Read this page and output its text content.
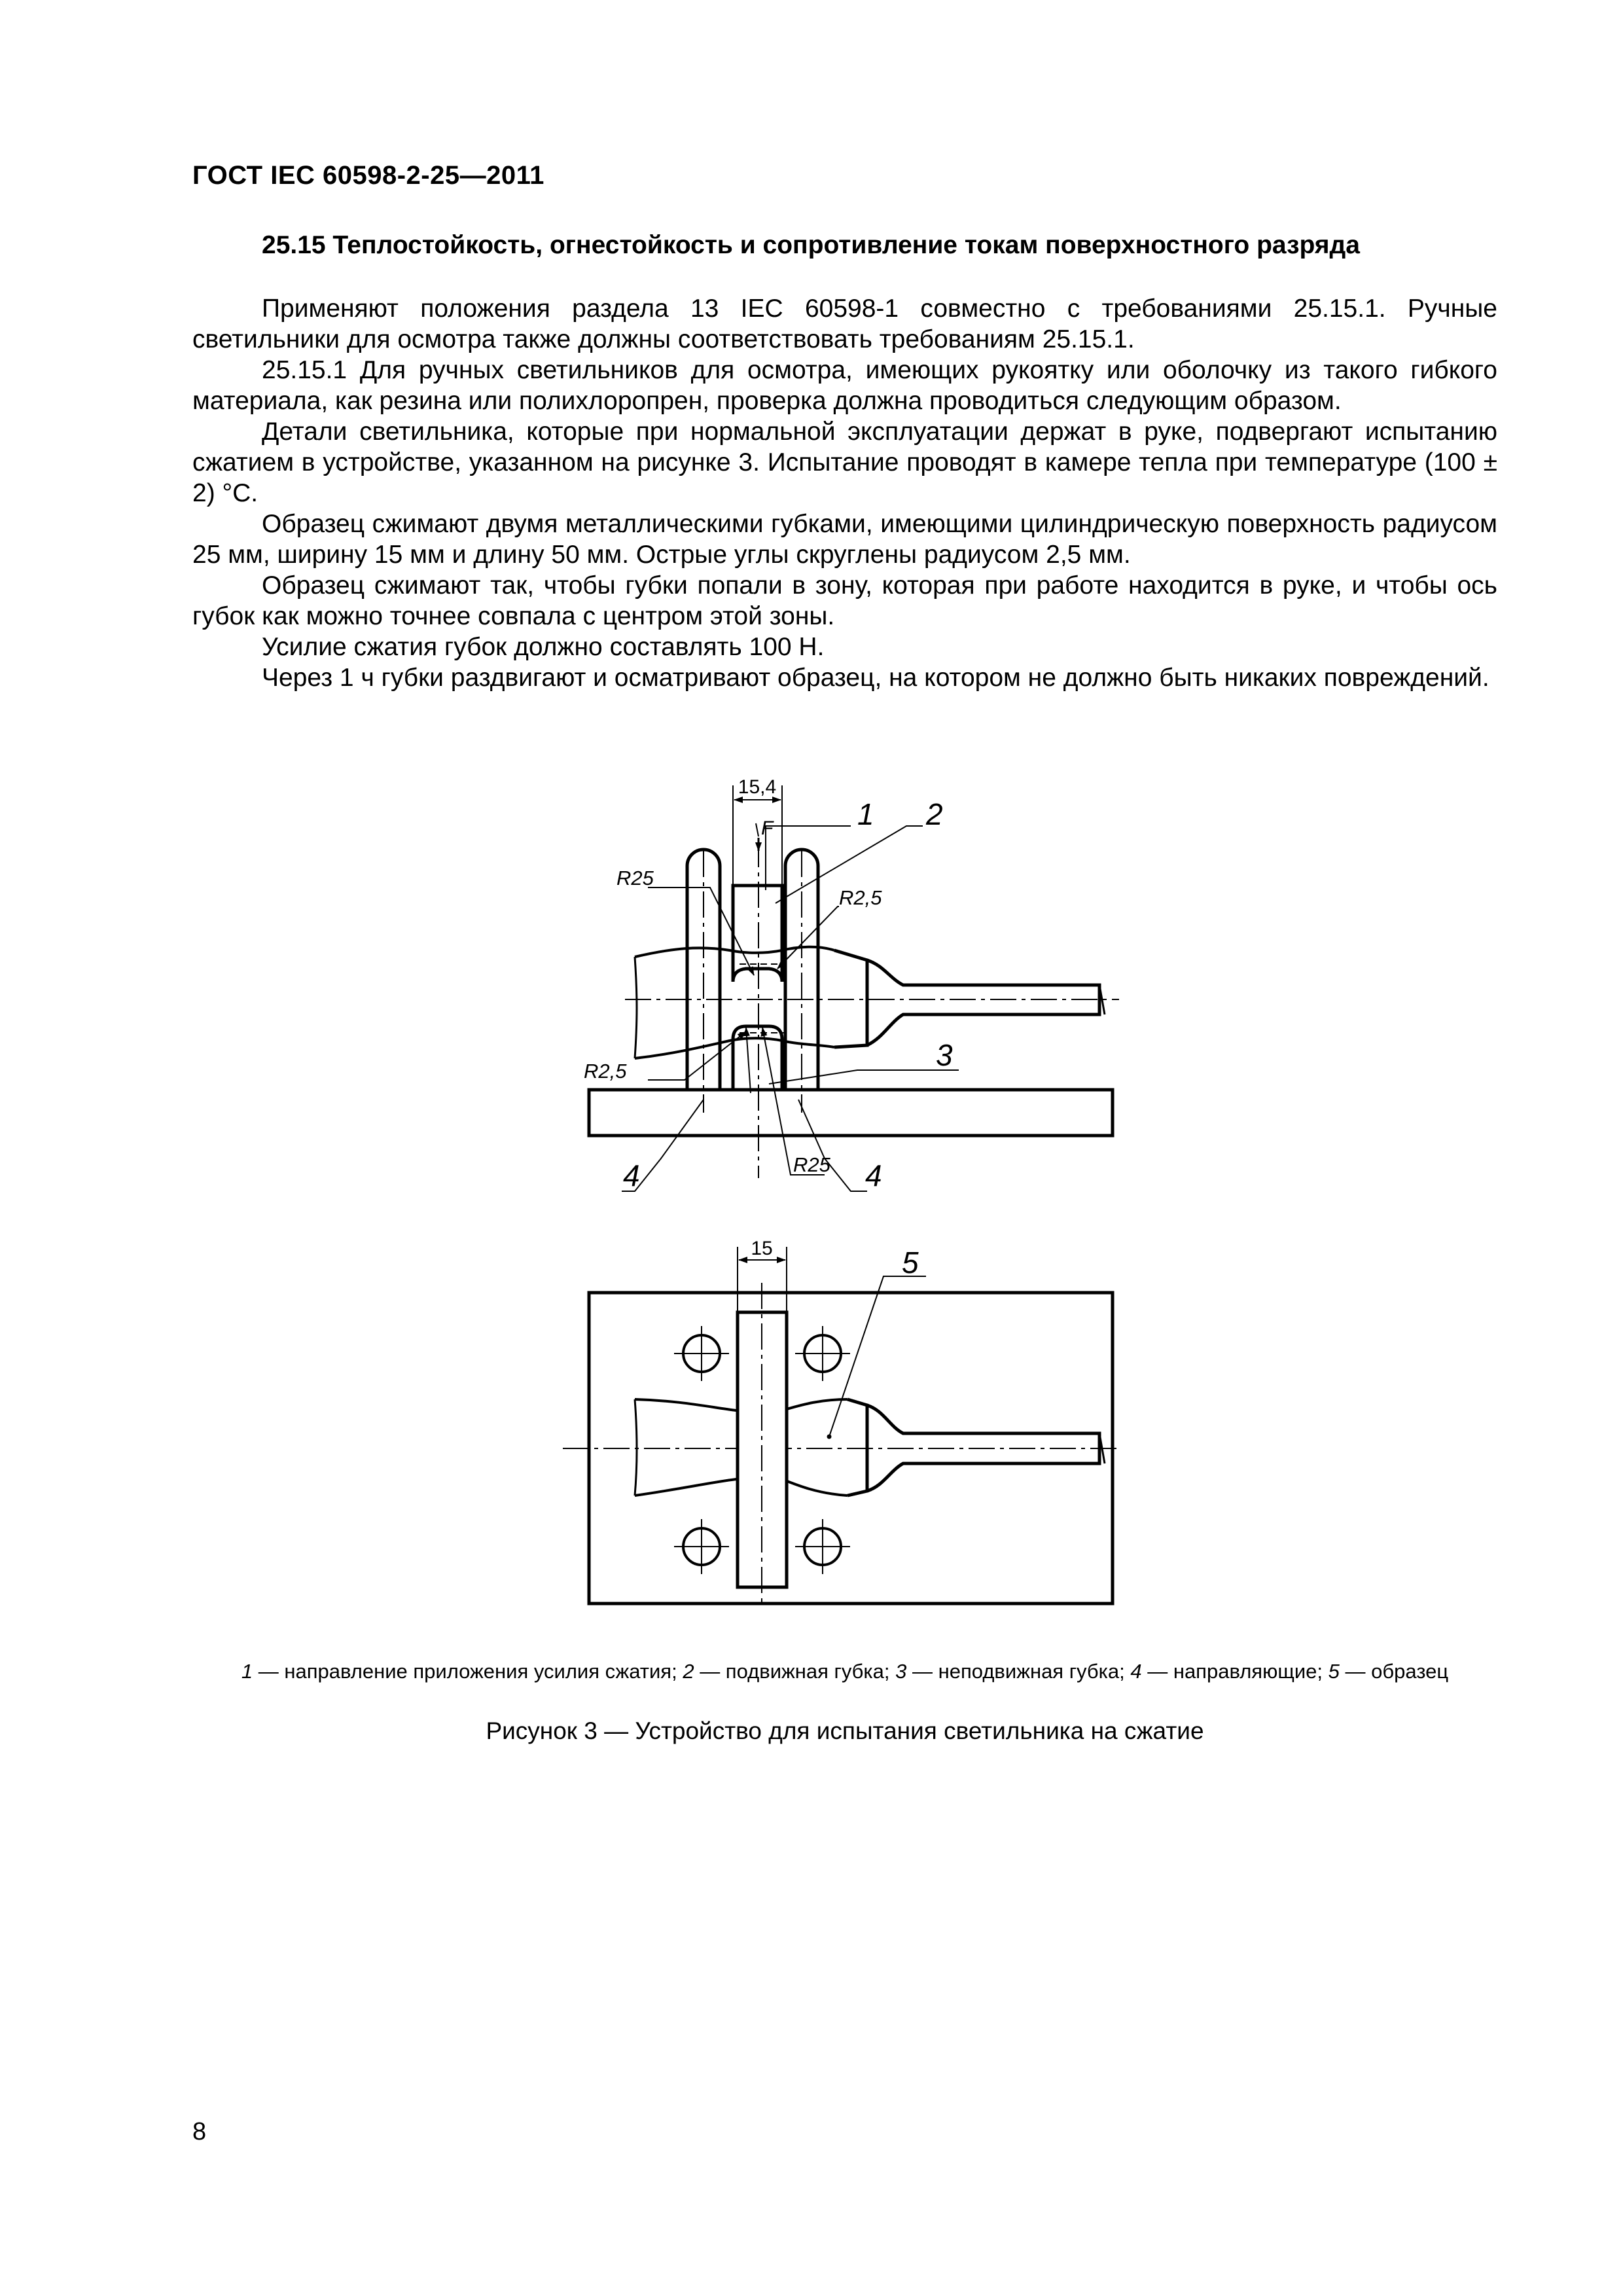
ГОСТ IEC 60598-2-25—2011
25.15 Теплостойкость, огнестойкость и сопротивление токам поверхностного разряда

Применяют положения раздела 13 IEC 60598-1 совместно с требованиями 25.15.1. Ручные светильники для осмотра также должны соответствовать требованиям 25.15.1.

25.15.1 Для ручных светильников для осмотра, имеющих рукоятку или оболочку из такого гибкого материала, как резина или полихлоропрен, проверка должна проводиться следующим образом.

Детали светильника, которые при нормальной эксплуатации держат в руке, подвергают испытанию сжатием в устройстве, указанном на рисунке 3. Испытание проводят в камере тепла при температуре (100 ± 2) °С.

Образец сжимают двумя металлическими губками, имеющими цилиндрическую поверхность радиусом 25 мм, ширину 15 мм и длину 50 мм. Острые углы скруглены радиусом 2,5 мм.

Образец сжимают так, чтобы губки попали в зону, которая при работе находится в руке, и чтобы ось губок как можно точнее совпала с центром этой зоны.

Усилие сжатия губок должно составлять 100 Н.

Через 1 ч губки раздвигают и осматривают образец, на котором не должно быть никаких повреждений.

15,4
F	1 2
R25
R2,5
R2,5	3
R25
4	4
15	5
1 — направление приложения усилия сжатия; 2 — подвижная губка; 3 — неподвижная губка; 4 — направляющие; 5 — образец
Рисунок 3 — Устройство для испытания светильника на сжатие
8
